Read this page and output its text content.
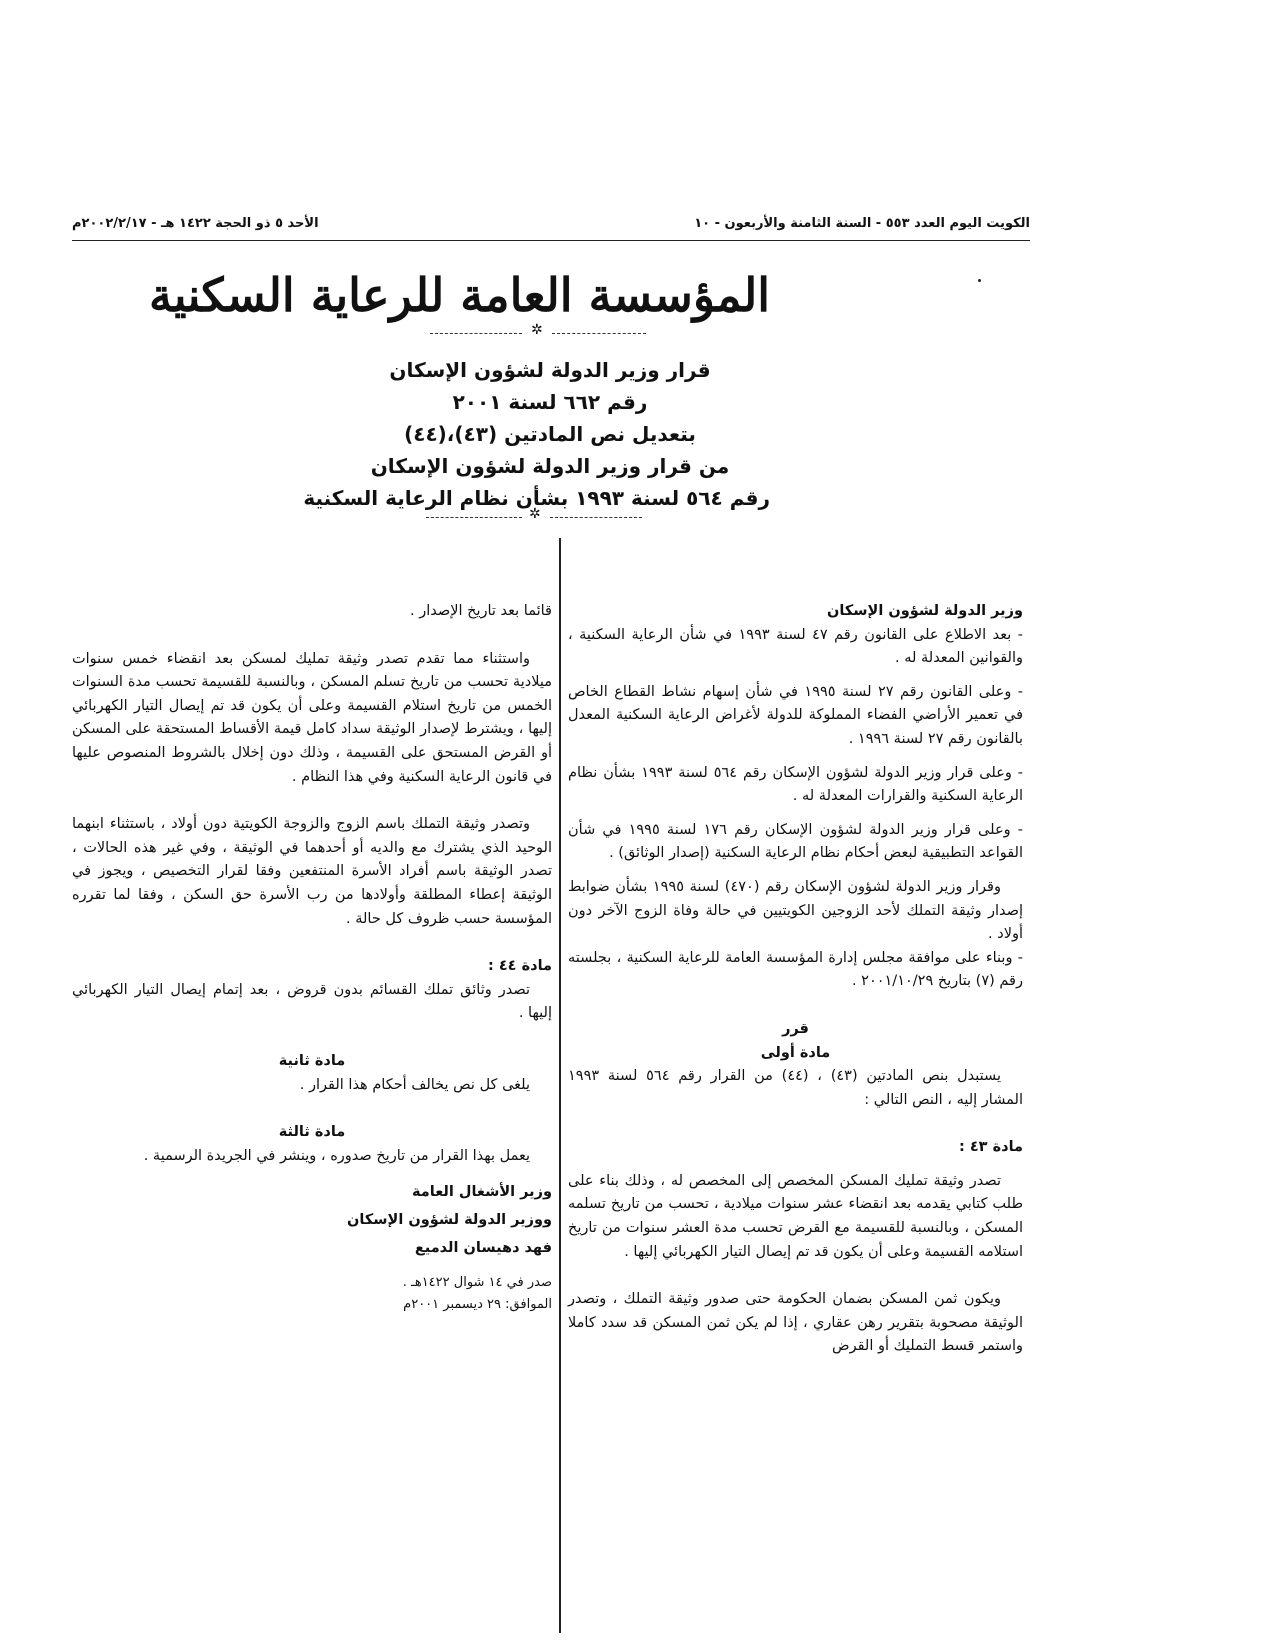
الكويت اليوم العدد ٥٥٣ - السنة الثامنة والأربعون - ١٠
الأحد ٥ ذو الحجة ١٤٢٢ هـ - ٢٠٠٢/٢/١٧م
المؤسسة العامة للرعاية السكنية
✲
قرار وزير الدولة لشؤون الإسكان
رقم ٦٦٢ لسنة ٢٠٠١
بتعديل نص المادتين (٤٣)،(٤٤)
من قرار وزير الدولة لشؤون الإسكان
رقم ٥٦٤ لسنة ١٩٩٣ بشأن نظام الرعاية السكنية
✲

وزير الدولة لشؤون الإسكان

- بعد الاطلاع على القانون رقم ٤٧ لسنة ١٩٩٣ في شأن الرعاية السكنية ، والقوانين المعدلة له .

- وعلى القانون رقم ٢٧ لسنة ١٩٩٥ في شأن إسهام نشاط القطاع الخاص في تعمير الأراضي الفضاء المملوكة للدولة لأغراض الرعاية السكنية المعدل بالقانون رقم ٢٧ لسنة ١٩٩٦ .

- وعلى قرار وزير الدولة لشؤون الإسكان رقم ٥٦٤ لسنة ١٩٩٣ بشأن نظام الرعاية السكنية والقرارات المعدلة له .

- وعلى قرار وزير الدولة لشؤون الإسكان رقم ١٧٦ لسنة ١٩٩٥ في شأن القواعد التطبيقية لبعض أحكام نظام الرعاية السكنية (إصدار الوثائق) .

وقرار وزير الدولة لشؤون الإسكان رقم (٤٧٠) لسنة ١٩٩٥ بشأن ضوابط إصدار وثيقة التملك لأحد الزوجين الكويتيين في حالة وفاة الزوج الآخر دون أولاد .

- وبناء على موافقة مجلس إدارة المؤسسة العامة للرعاية السكنية ، بجلسته رقم (٧) بتاريخ ٢٠٠١/١٠/٢٩ .

قرر

مادة أولى

يستبدل بنص المادتين (٤٣) ، (٤٤) من القرار رقم ٥٦٤ لسنة ١٩٩٣ المشار إليه ، النص التالي :

مادة ٤٣ :

تصدر وثيقة تمليك المسكن المخصص إلى المخصص له ، وذلك بناء على طلب كتابي يقدمه بعد انقضاء عشر سنوات ميلادية ، تحسب من تاريخ تسلمه المسكن ، وبالنسبة للقسيمة مع القرض تحسب مدة العشر سنوات من تاريخ استلامه القسيمة وعلى أن يكون قد تم إيصال التيار الكهربائي إليها .

ويكون ثمن المسكن بضمان الحكومة حتى صدور وثيقة التملك ، وتصدر الوثيقة مصحوبة بتقرير رهن عقاري ، إذا لم يكن ثمن المسكن قد سدد كاملا واستمر قسط التمليك أو القرض

قائما بعد تاريخ الإصدار .

واستثناء مما تقدم تصدر وثيقة تمليك لمسكن بعد انقضاء خمس سنوات ميلادية تحسب من تاريخ تسلم المسكن ، وبالنسبة للقسيمة تحسب مدة السنوات الخمس من تاريخ استلام القسيمة وعلى أن يكون قد تم إيصال التيار الكهربائي إليها ، ويشترط لإصدار الوثيقة سداد كامل قيمة الأقساط المستحقة على المسكن أو القرض المستحق على القسيمة ، وذلك دون إخلال بالشروط المنصوص عليها في قانون الرعاية السكنية وفي هذا النظام .

وتصدر وثيقة التملك باسم الزوج والزوجة الكويتية دون أولاد ، باستثناء ابنهما الوحيد الذي يشترك مع والديه أو أحدهما في الوثيقة ، وفي غير هذه الحالات ، تصدر الوثيقة باسم أفراد الأسرة المنتفعين وفقا لقرار التخصيص ، ويجوز في الوثيقة إعطاء المطلقة وأولادها من رب الأسرة حق السكن ، وفقا لما تقرره المؤسسة حسب ظروف كل حالة .

مادة ٤٤ :

تصدر وثائق تملك القسائم بدون قروض ، بعد إتمام إيصال التيار الكهربائي إليها .

مادة ثانية

يلغى كل نص يخالف أحكام هذا القرار .

مادة ثالثة

يعمل بهذا القرار من تاريخ صدوره ، وينشر في الجريدة الرسمية .

وزير الأشغال العامة
ووزير الدولة لشؤون الإسكان
فهد دهيسان الدميع

صدر في ١٤ شوال ١٤٢٢هـ .

الموافق: ٢٩ ديسمبر ٢٠٠١م
